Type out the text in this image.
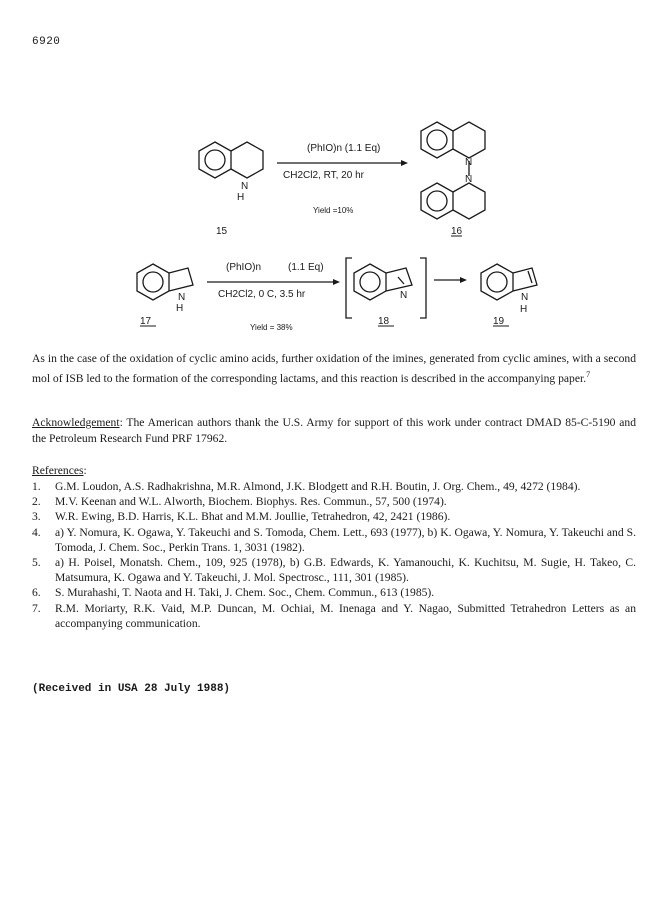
6920
N
H
N
N
N
H
N	N
H
(PhIO)n (1.1 Eq)
CH2Cl2, RT, 20 hr
Yield =10%
15	16
(PhIO)n	(1.1 Eq)
CH2Cl2, 0 C, 3.5 hr
Yield = 38%
17	18	19
As in the case of the oxidation of cyclic amino acids, further oxidation of the imines, generated from cyclic amines, with a second mol of ISB led to the formation of the corresponding lactams, and this reaction is described in the accompanying paper.$^7$
Acknowledgement: The American authors thank the U.S. Army for support of this work under contract DMAD 85-C-5190 and the Petroleum Research Fund PRF 17962.
References:
1. G.M. Loudon, A.S. Radhakrishna, M.R. Almond, J.K. Blodgett and R.H. Boutin, J. Org. Chem., 49, 4272 (1984).
2. M.V. Keenan and W.L. Alworth, Biochem. Biophys. Res. Commun., 57, 500 (1974).
3. W.R. Ewing, B.D. Harris, K.L. Bhat and M.M. Joullie, Tetrahedron, 42, 2421 (1986).
4. a) Y. Nomura, K. Ogawa, Y. Takeuchi and S. Tomoda, Chem. Lett., 693 (1977), b) K. Ogawa, Y. Nomura, Y. Takeuchi and S. Tomoda, J. Chem. Soc., Perkin Trans. 1, 3031 (1982).
5. a) H. Poisel, Monatsh. Chem., 109, 925 (1978), b) G.B. Edwards, K. Yamanouchi, K. Kuchitsu, M. Sugie, H. Takeo, C. Matsumura, K. Ogawa and Y. Takeuchi, J. Mol. Spectrosc., 111, 301 (1985).
6. S. Murahashi, T. Naota and H. Taki, J. Chem. Soc., Chem. Commun., 613 (1985).
7. R.M. Moriarty, R.K. Vaid, M.P. Duncan, M. Ochiai, M. Inenaga and Y. Nagao, Submitted Tetrahedron Letters as an accompanying communication.
(Received in USA 28 July 1988)
